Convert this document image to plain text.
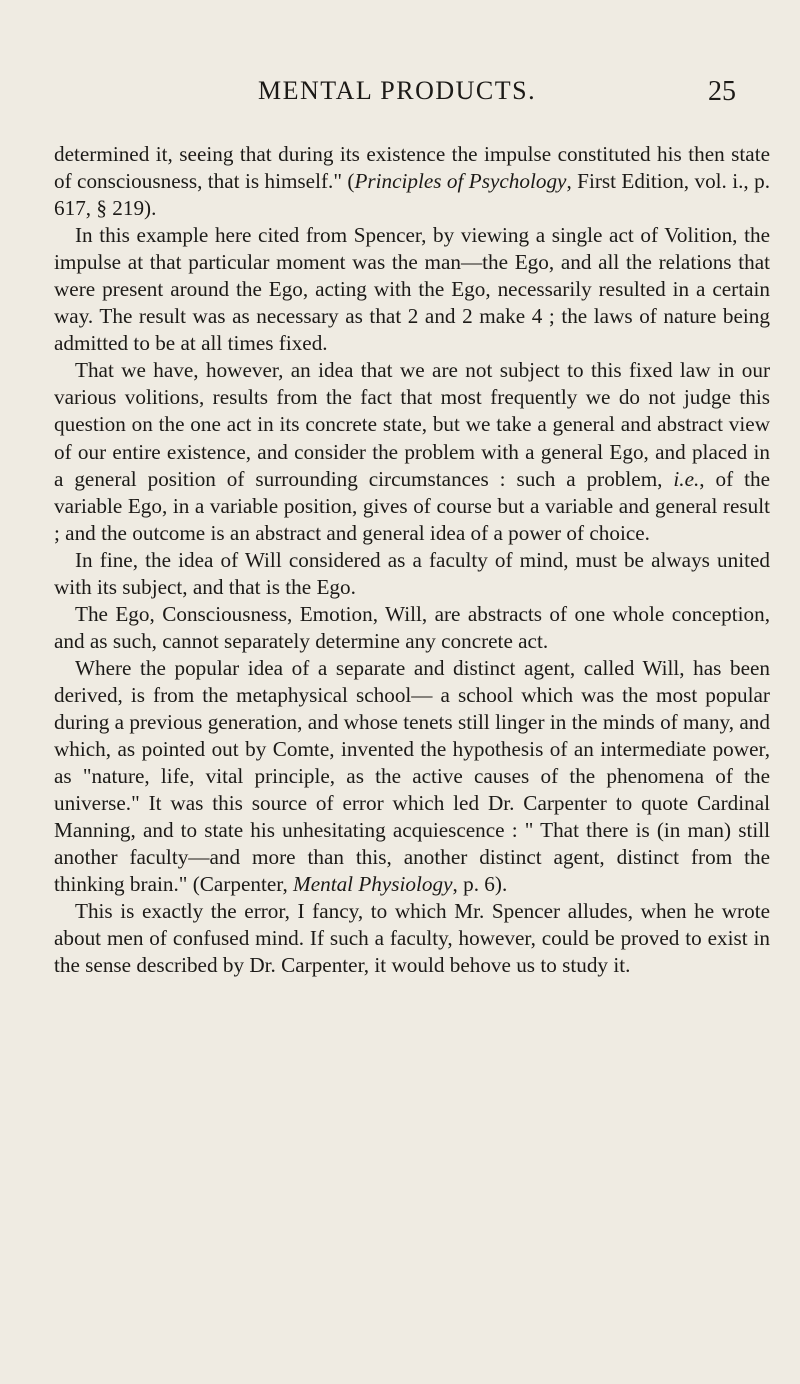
MENTAL PRODUCTS.	25

determined it, seeing that during its existence the impulse constituted his then state of consciousness, that is himself." (Principles of Psychology, First Edition, vol. i., p. 617, § 219).

In this example here cited from Spencer, by viewing a single act of Volition, the impulse at that particular moment was the man—the Ego, and all the relations that were present around the Ego, acting with the Ego, necessarily resulted in a certain way. The result was as necessary as that 2 and 2 make 4 ; the laws of nature being admitted to be at all times fixed.

That we have, however, an idea that we are not subject to this fixed law in our various volitions, results from the fact that most frequently we do not judge this question on the one act in its concrete state, but we take a general and abstract view of our entire existence, and consider the problem with a general Ego, and placed in a general position of surrounding circumstances : such a problem, i.e., of the variable Ego, in a variable position, gives of course but a variable and general result ; and the outcome is an abstract and general idea of a power of choice.

In fine, the idea of Will considered as a faculty of mind, must be always united with its subject, and that is the Ego.

The Ego, Consciousness, Emotion, Will, are abstracts of one whole conception, and as such, cannot separately determine any concrete act.

Where the popular idea of a separate and distinct agent, called Will, has been derived, is from the metaphysical school— a school which was the most popular during a previous generation, and whose tenets still linger in the minds of many, and which, as pointed out by Comte, invented the hypothesis of an intermediate power, as "nature, life, vital principle, as the active causes of the phenomena of the universe." It was this source of error which led Dr. Carpenter to quote Cardinal Manning, and to state his unhesitating acquiescence : " That there is (in man) still another faculty—and more than this, another distinct agent, distinct from the thinking brain." (Carpenter, Mental Physiology, p. 6).

This is exactly the error, I fancy, to which Mr. Spencer alludes, when he wrote about men of confused mind. If such a faculty, however, could be proved to exist in the sense described by Dr. Carpenter, it would behove us to study it.
